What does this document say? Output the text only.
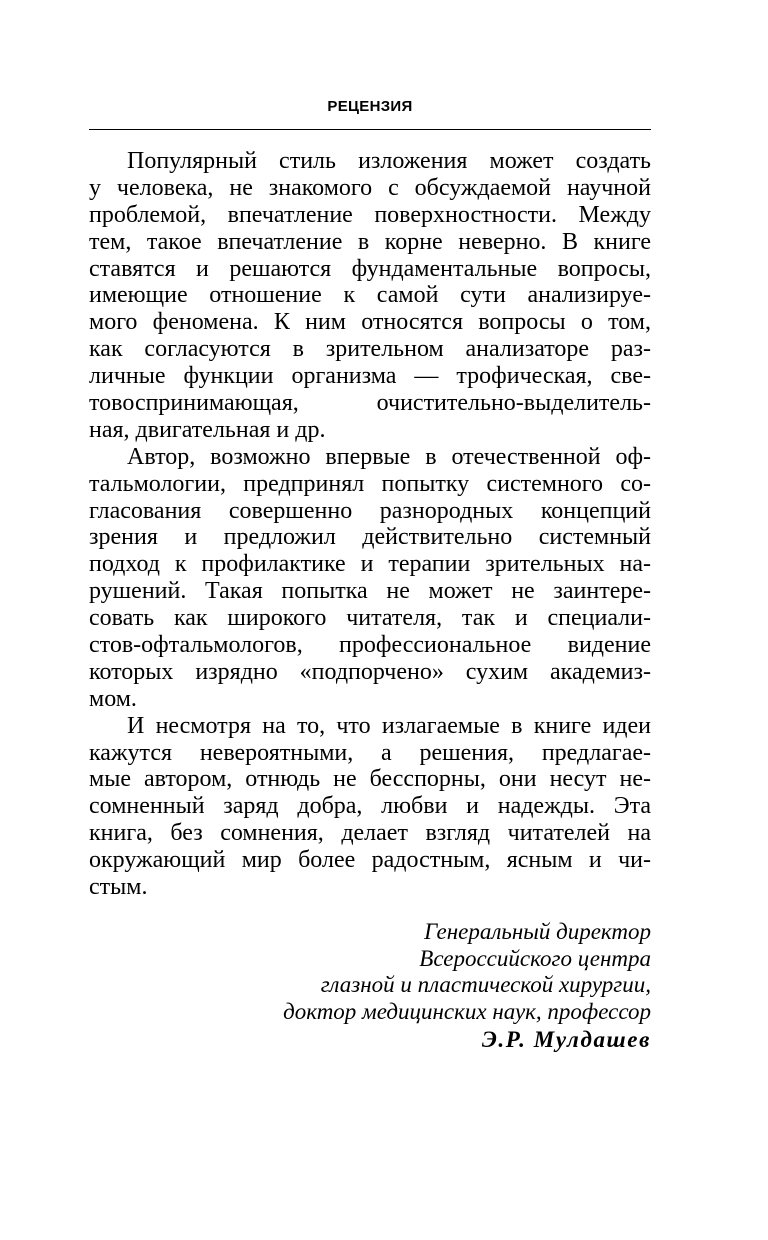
РЕЦЕНЗИЯ
Популярный стиль изложения может создать
у человека, не знакомого с обсуждаемой научной
проблемой, впечатление поверхностности. Между
тем, такое впечатление в корне неверно. В книге
ставятся и решаются фундаментальные вопросы,
имеющие отношение к самой сути анализируе-
мого феномена. К ним относятся вопросы о том,
как согласуются в зрительном анализаторе раз-
личные функции организма — трофическая, све-
товоспринимающая, очистительно-выделитель-
ная, двигательная и др.
Автор, возможно впервые в отечественной оф-
тальмологии, предпринял попытку системного со-
гласования совершенно разнородных концепций
зрения и предложил действительно системный
подход к профилактике и терапии зрительных на-
рушений. Такая попытка не может не заинтере-
совать как широкого читателя, так и специали-
стов-офтальмологов, профессиональное видение
которых изрядно «подпорчено» сухим академиз-
мом.
И несмотря на то, что излагаемые в книге идеи
кажутся невероятными, а решения, предлагае-
мые автором, отнюдь не бесспорны, они несут не-
сомненный заряд добра, любви и надежды. Эта
книга, без сомнения, делает взгляд читателей на
окружающий мир более радостным, ясным и чи-
стым.
Генеральный директор
Всероссийского центра
глазной и пластической хирургии,
доктор медицинских наук, профессор
Э.Р. Мулдашев
